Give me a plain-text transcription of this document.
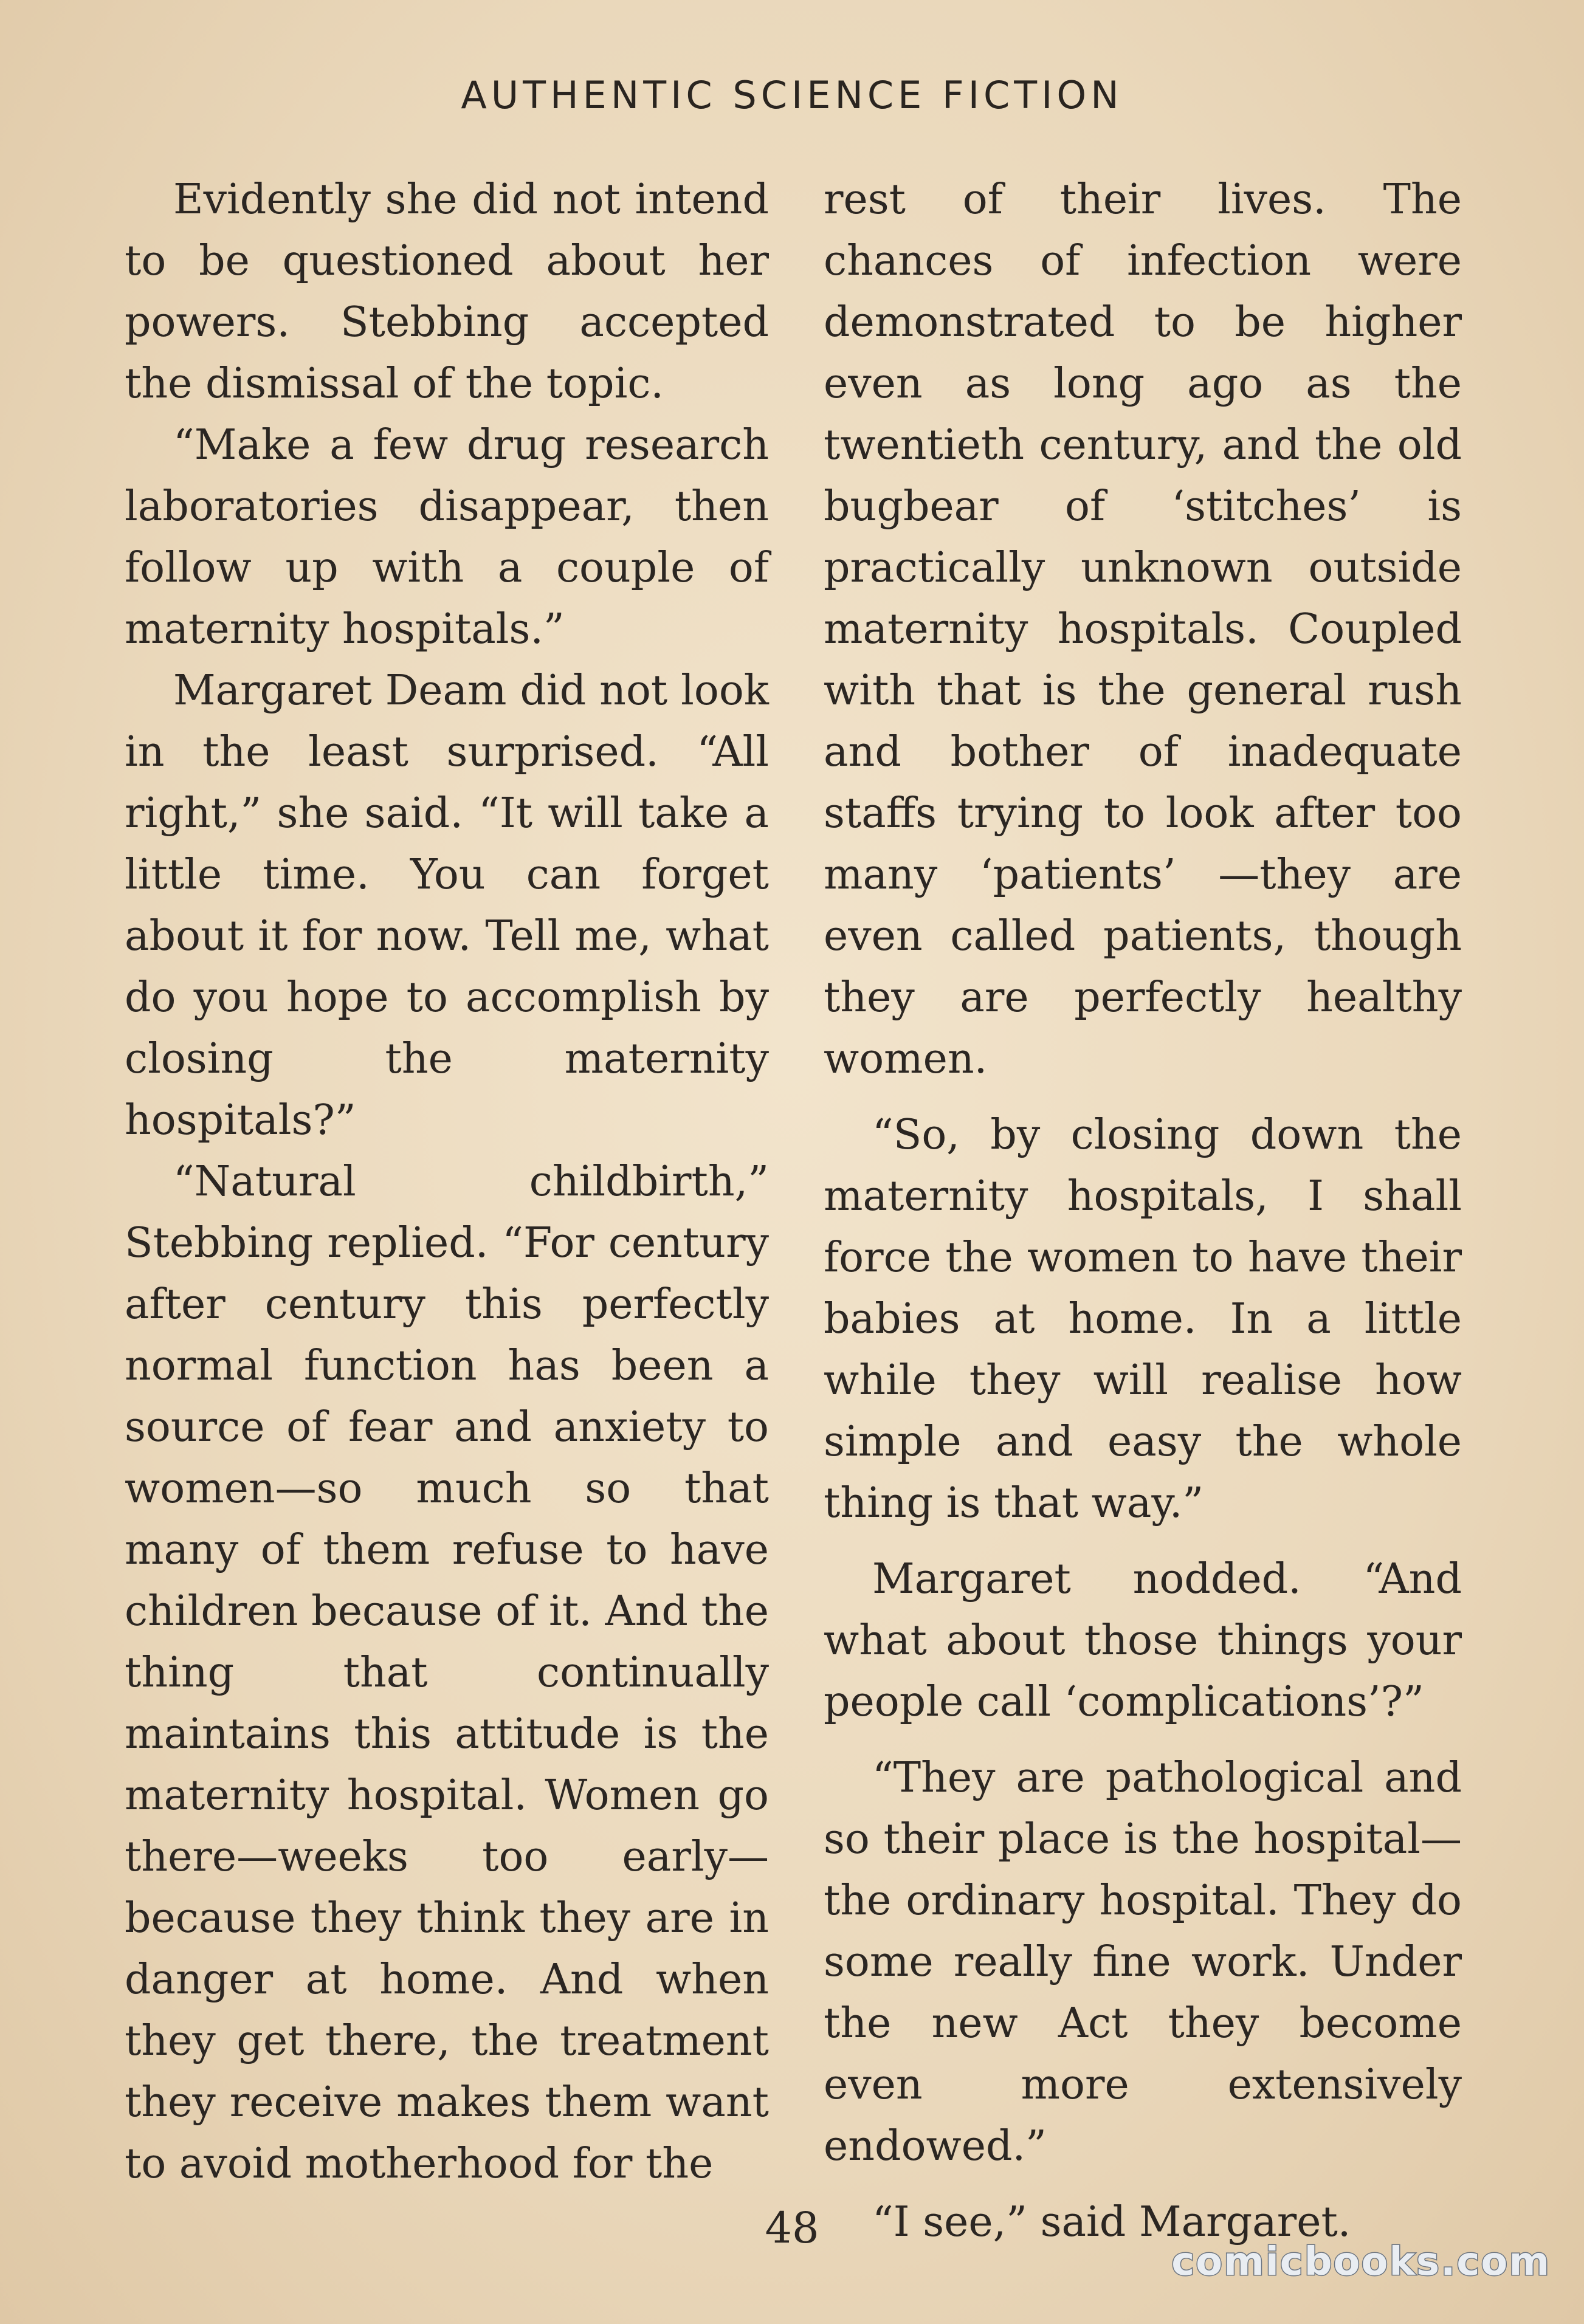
AUTHENTIC SCIENCE FICTION

Evidently she did not intend to be questioned about her powers. Stebbing accepted the dismissal of the topic.

“Make a few drug research laboratories disappear, then follow up with a couple of maternity hospitals.”

Margaret Deam did not look in the least surprised. “All right,” she said. “It will take a little time. You can forget about it for now. Tell me, what do you hope to accomplish by closing the maternity hospitals?”

“Natural childbirth,” Stebbing replied. “For century after century this perfectly normal function has been a source of fear and anxiety to women—so much so that many of them refuse to have children because of it. And the thing that continually maintains this attitude is the maternity hospital. Women go there—weeks too early—because they think they are in danger at home. And when they get there, the treatment they receive makes them want to avoid motherhood for the

rest of their lives. The chances of infection were demonstrated to be higher even as long ago as the twentieth century, and the old bugbear of ‘stitches’ is practically unknown outside maternity hospitals. Coupled with that is the general rush and bother of inadequate staffs trying to look after too many ‘patients’ —they are even called patients, though they are perfectly healthy women.

“So, by closing down the maternity hospitals, I shall force the women to have their babies at home. In a little while they will realise how simple and easy the whole thing is that way.”

Margaret nodded. “And what about those things your people call ‘complications’?”

“They are pathological and so their place is the hospital—the ordinary hospital. They do some really fine work. Under the new Act they become even more extensively endowed.”

“I see,” said Margaret.

48
comicbooks.com
